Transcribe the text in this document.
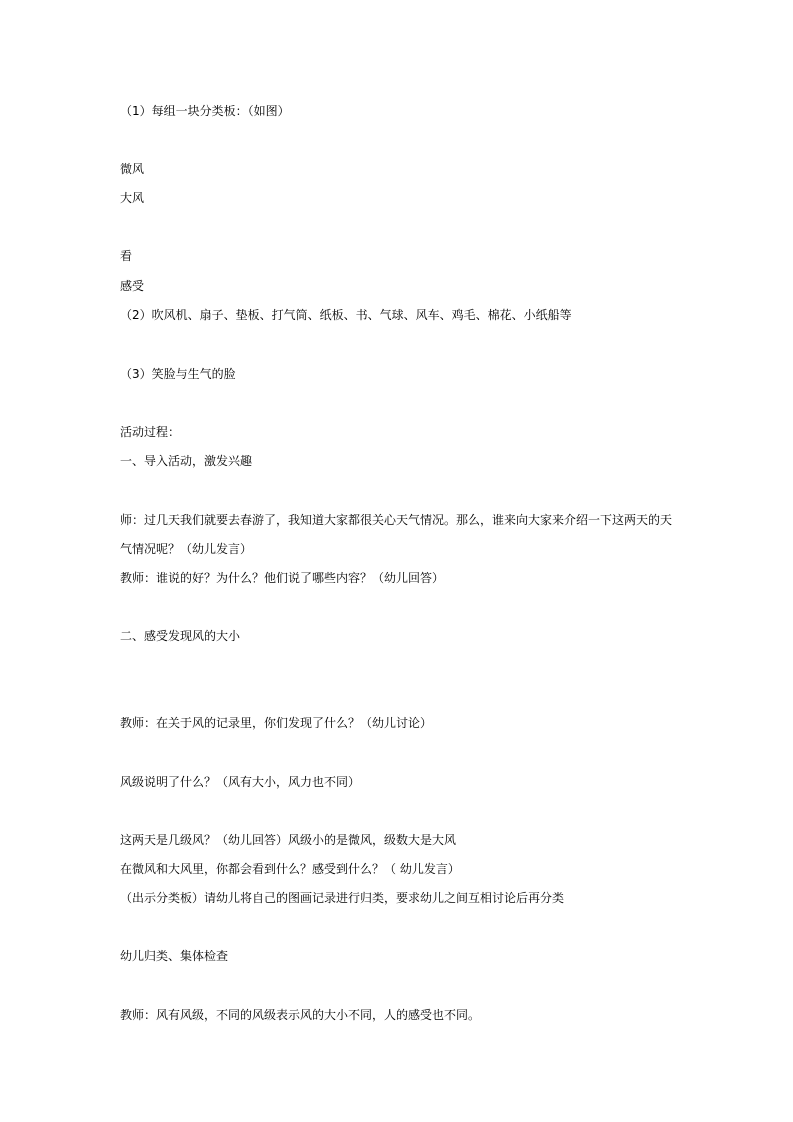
（1）每组一块分类板：（如图）
微风
大风
看
感受
（2）吹风机、扇子、垫板、打气筒、纸板、书、气球、风车、鸡毛、棉花、小纸船等
（3）笑脸与生气的脸
活动过程：
一、导入活动，激发兴趣
师：过几天我们就要去春游了，我知道大家都很关心天气情况。那么，谁来向大家来介绍一下这两天的天
气情况呢？（幼儿发言）
教师：谁说的好？为什么？他们说了哪些内容？（幼儿回答）
二、感受发现风的大小
教师：在关于风的记录里，你们发现了什么？（幼儿讨论）
风级说明了什么？（风有大小，风力也不同）
这两天是几级风？（幼儿回答）风级小的是微风，级数大是大风
在微风和大风里，你都会看到什么？感受到什么？（ 幼儿发言）
（出示分类板）请幼儿将自己的图画记录进行归类，要求幼儿之间互相讨论后再分类
幼儿归类、集体检查
教师：风有风级，不同的风级表示风的大小不同，人的感受也不同。
